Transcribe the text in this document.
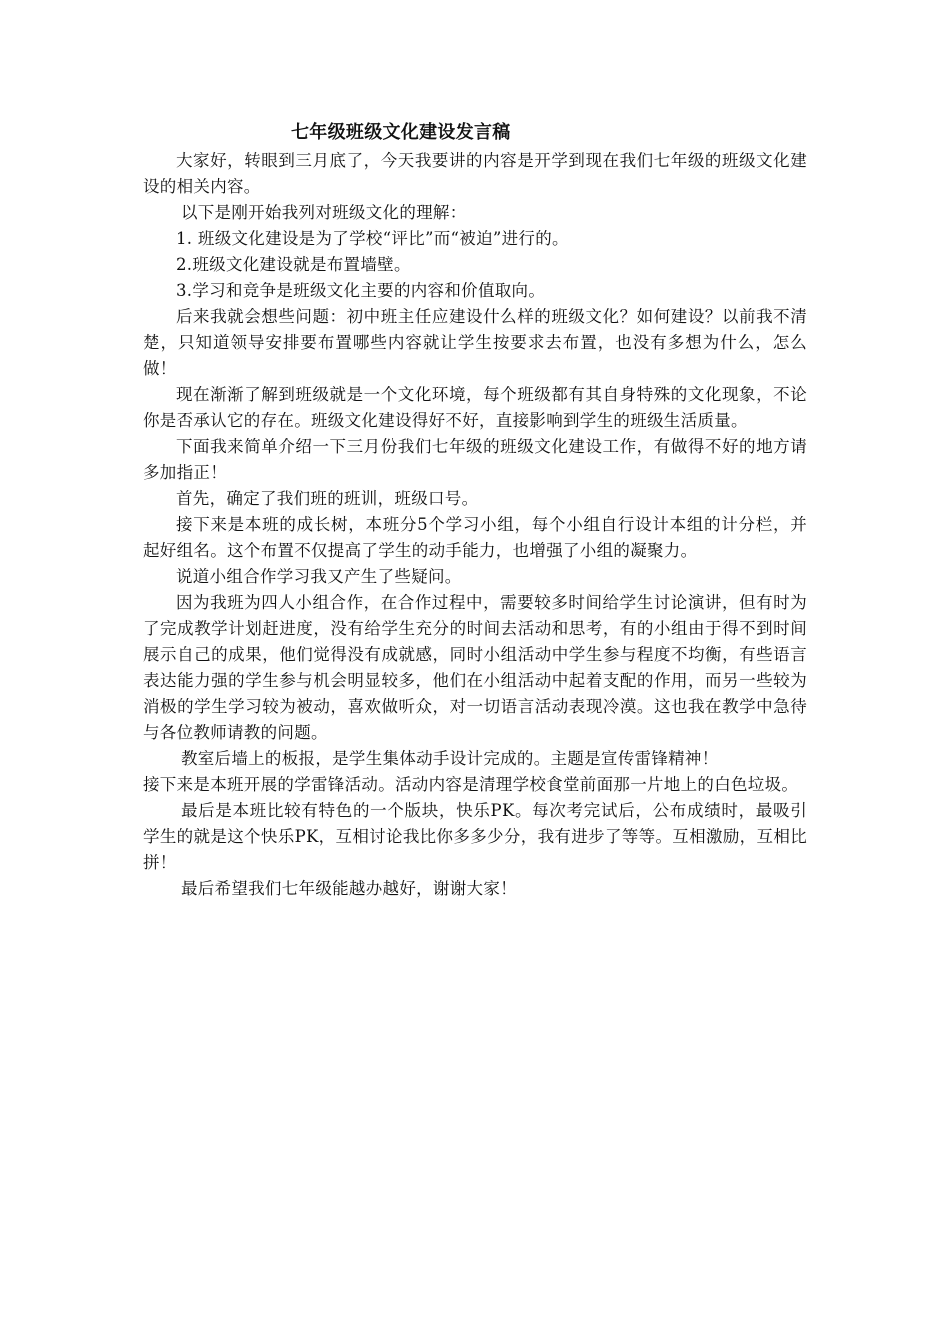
七年级班级文化建设发言稿

大家好，转眼到三月底了，今天我要讲的内容是开学到现在我们七年级的班级文化建设的相关内容。

以下是刚开始我列对班级文化的理解：

1. 班级文化建设是为了学校“评比”而“被迫”进行的。

2.班级文化建设就是布置墙壁。

3.学习和竞争是班级文化主要的内容和价值取向。

后来我就会想些问题：初中班主任应建设什么样的班级文化？如何建设？以前我不清楚，只知道领导安排要布置哪些内容就让学生按要求去布置，也没有多想为什么，怎么做！

现在渐渐了解到班级就是一个文化环境，每个班级都有其自身特殊的文化现象，不论你是否承认它的存在。班级文化建设得好不好，直接影响到学生的班级生活质量。

下面我来简单介绍一下三月份我们七年级的班级文化建设工作，有做得不好的地方请多加指正！

首先，确定了我们班的班训，班级口号。

接下来是本班的成长树，本班分5个学习小组，每个小组自行设计本组的计分栏，并起好组名。这个布置不仅提高了学生的动手能力，也增强了小组的凝聚力。

说道小组合作学习我又产生了些疑问。

因为我班为四人小组合作，在合作过程中，需要较多时间给学生讨论演讲，但有时为了完成教学计划赶进度，没有给学生充分的时间去活动和思考，有的小组由于得不到时间展示自己的成果，他们觉得没有成就感，同时小组活动中学生参与程度不均衡，有些语言表达能力强的学生参与机会明显较多，他们在小组活动中起着支配的作用，而另一些较为消极的学生学习较为被动，喜欢做听众，对一切语言活动表现冷漠。这也我在教学中急待与各位教师请教的问题。

教室后墙上的板报，是学生集体动手设计完成的。主题是宣传雷锋精神！

接下来是本班开展的学雷锋活动。活动内容是清理学校食堂前面那一片地上的白色垃圾。

最后是本班比较有特色的一个版块，快乐PK。每次考完试后，公布成绩时，最吸引学生的就是这个快乐PK，互相讨论我比你多多少分，我有进步了等等。互相激励，互相比拼！

最后希望我们七年级能越办越好，谢谢大家！
